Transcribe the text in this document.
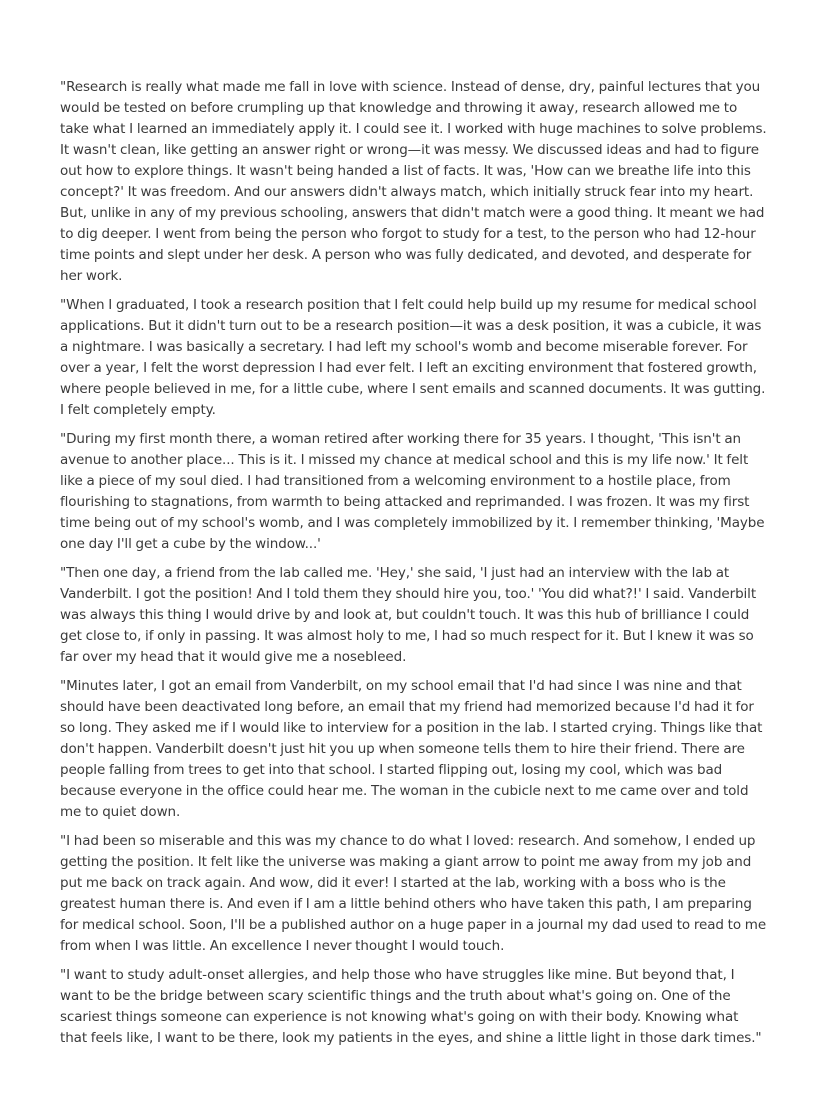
"Research is really what made me fall in love with science. Instead of dense, dry, painful lectures that you would be tested on before crumpling up that knowledge and throwing it away, research allowed me to take what I learned an immediately apply it. I could see it. I worked with huge machines to solve problems. It wasn't clean, like getting an answer right or wrong—it was messy. We discussed ideas and had to figure out how to explore things. It wasn't being handed a list of facts. It was, 'How can we breathe life into this concept?' It was freedom. And our answers didn't always match, which initially struck fear into my heart. But, unlike in any of my previous schooling, answers that didn't match were a good thing. It meant we had to dig deeper. I went from being the person who forgot to study for a test, to the person who had 12-hour time points and slept under her desk. A person who was fully dedicated, and devoted, and desperate for her work.

"When I graduated, I took a research position that I felt could help build up my resume for medical school applications. But it didn't turn out to be a research position—it was a desk position, it was a cubicle, it was a nightmare. I was basically a secretary. I had left my school's womb and become miserable forever. For over a year, I felt the worst depression I had ever felt. I left an exciting environment that fostered growth, where people believed in me, for a little cube, where I sent emails and scanned documents. It was gutting. I felt completely empty.

"During my first month there, a woman retired after working there for 35 years. I thought, 'This isn't an avenue to another place... This is it. I missed my chance at medical school and this is my life now.' It felt like a piece of my soul died. I had transitioned from a welcoming environment to a hostile place, from flourishing to stagnations, from warmth to being attacked and reprimanded. I was frozen. It was my first time being out of my school's womb, and I was completely immobilized by it. I remember thinking, 'Maybe one day I'll get a cube by the window...'

"Then one day, a friend from the lab called me. 'Hey,' she said, 'I just had an interview with the lab at Vanderbilt. I got the position! And I told them they should hire you, too.' 'You did what?!' I said. Vanderbilt was always this thing I would drive by and look at, but couldn't touch. It was this hub of brilliance I could get close to, if only in passing. It was almost holy to me, I had so much respect for it. But I knew it was so far over my head that it would give me a nosebleed.

"Minutes later, I got an email from Vanderbilt, on my school email that I'd had since I was nine and that should have been deactivated long before, an email that my friend had memorized because I'd had it for so long. They asked me if I would like to interview for a position in the lab. I started crying. Things like that don't happen. Vanderbilt doesn't just hit you up when someone tells them to hire their friend. There are people falling from trees to get into that school. I started flipping out, losing my cool, which was bad because everyone in the office could hear me. The woman in the cubicle next to me came over and told me to quiet down.

"I had been so miserable and this was my chance to do what I loved: research. And somehow, I ended up getting the position. It felt like the universe was making a giant arrow to point me away from my job and put me back on track again. And wow, did it ever! I started at the lab, working with a boss who is the greatest human there is. And even if I am a little behind others who have taken this path, I am preparing for medical school. Soon, I'll be a published author on a huge paper in a journal my dad used to read to me from when I was little. An excellence I never thought I would touch.

"I want to study adult-onset allergies, and help those who have struggles like mine. But beyond that, I want to be the bridge between scary scientific things and the truth about what's going on. One of the scariest things someone can experience is not knowing what's going on with their body. Knowing what that feels like, I want to be there, look my patients in the eyes, and shine a little light in those dark times."
